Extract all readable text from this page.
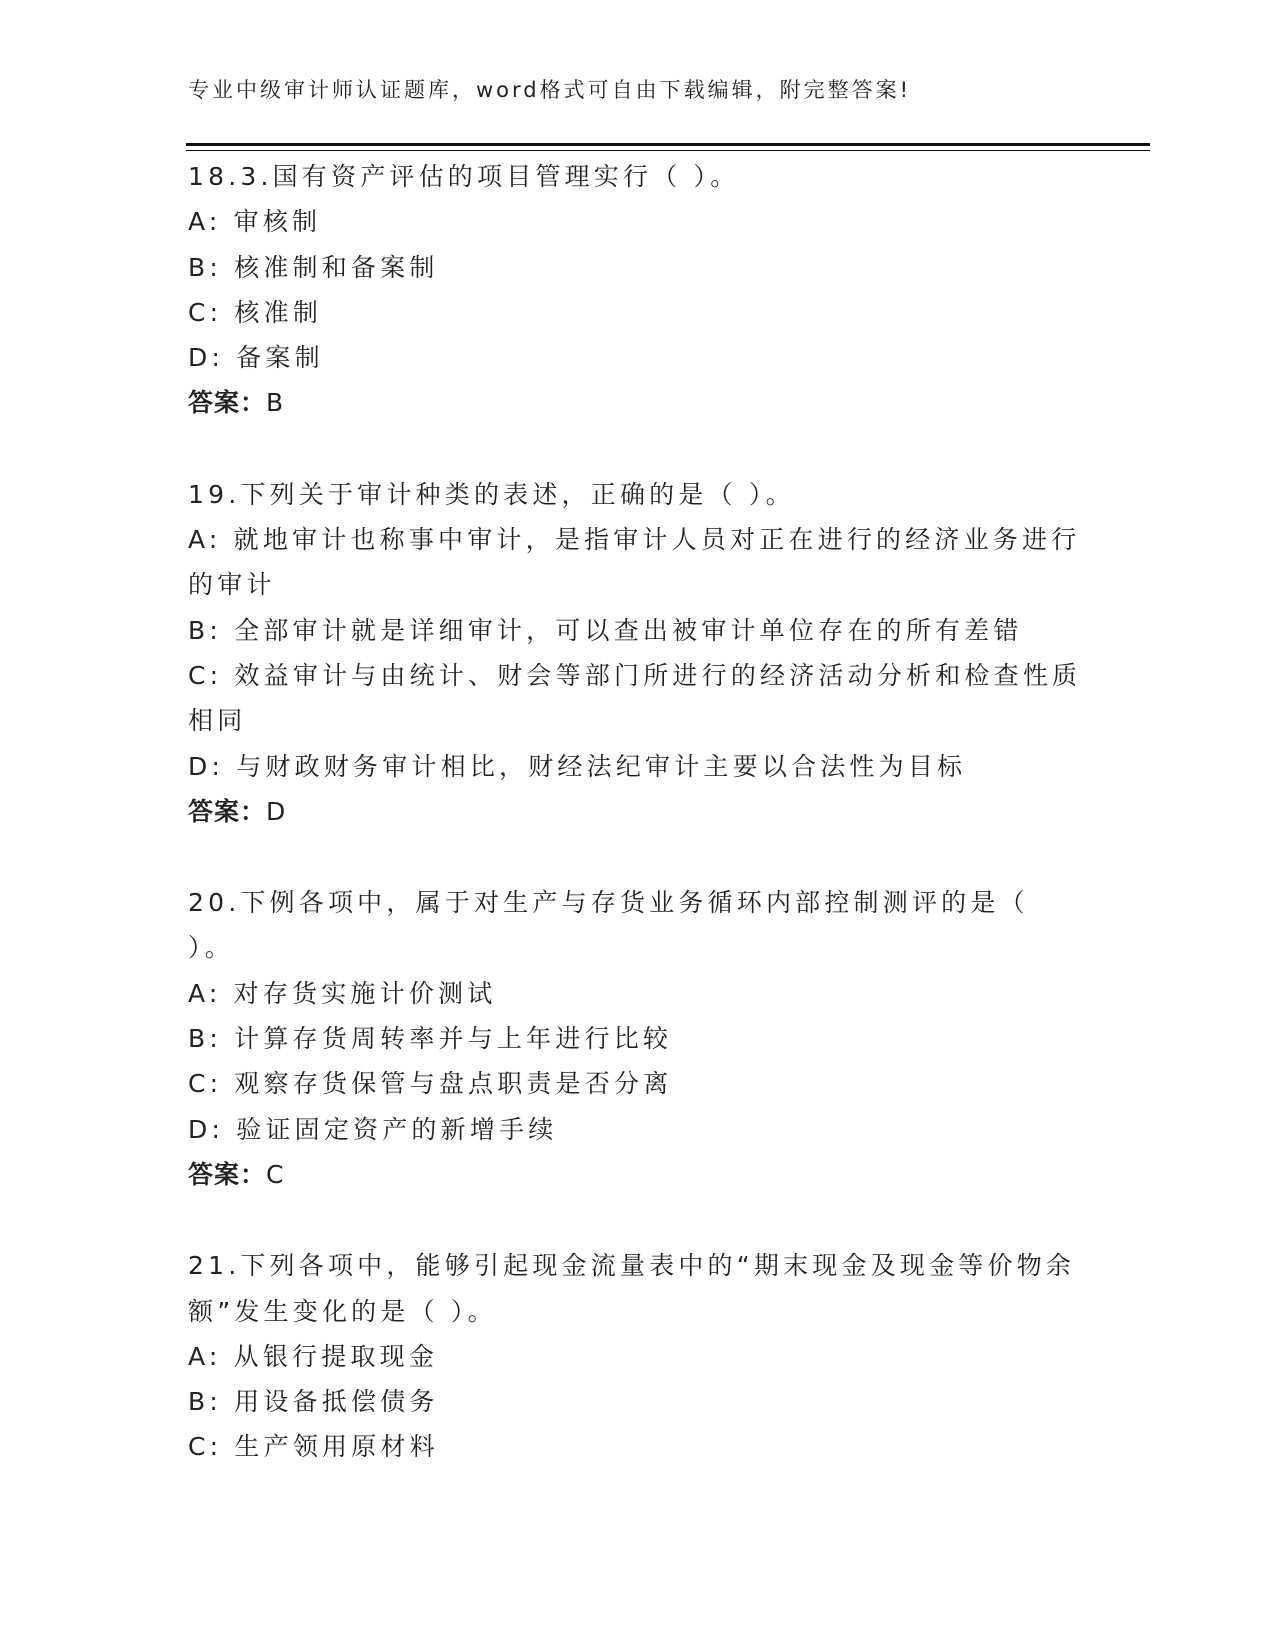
专业中级审计师认证题库，word格式可自由下载编辑，附完整答案!
18.3.国有资产评估的项目管理实行（ ）。
A: 审核制
B: 核准制和备案制
C: 核准制
D: 备案制
答案：B
19.下列关于审计种类的表述，正确的是（ ）。
A: 就地审计也称事中审计，是指审计人员对正在进行的经济业务进行
的审计
B: 全部审计就是详细审计，可以查出被审计单位存在的所有差错
C: 效益审计与由统计、财会等部门所进行的经济活动分析和检查性质
相同
D: 与财政财务审计相比，财经法纪审计主要以合法性为目标
答案：D
20.下例各项中，属于对生产与存货业务循环内部控制测评的是（
）。
A: 对存货实施计价测试
B: 计算存货周转率并与上年进行比较
C: 观察存货保管与盘点职责是否分离
D: 验证固定资产的新增手续
答案：C
21.下列各项中，能够引起现金流量表中的“期末现金及现金等价物余
额”发生变化的是（ ）。
A: 从银行提取现金
B: 用设备抵偿债务
C: 生产领用原材料
